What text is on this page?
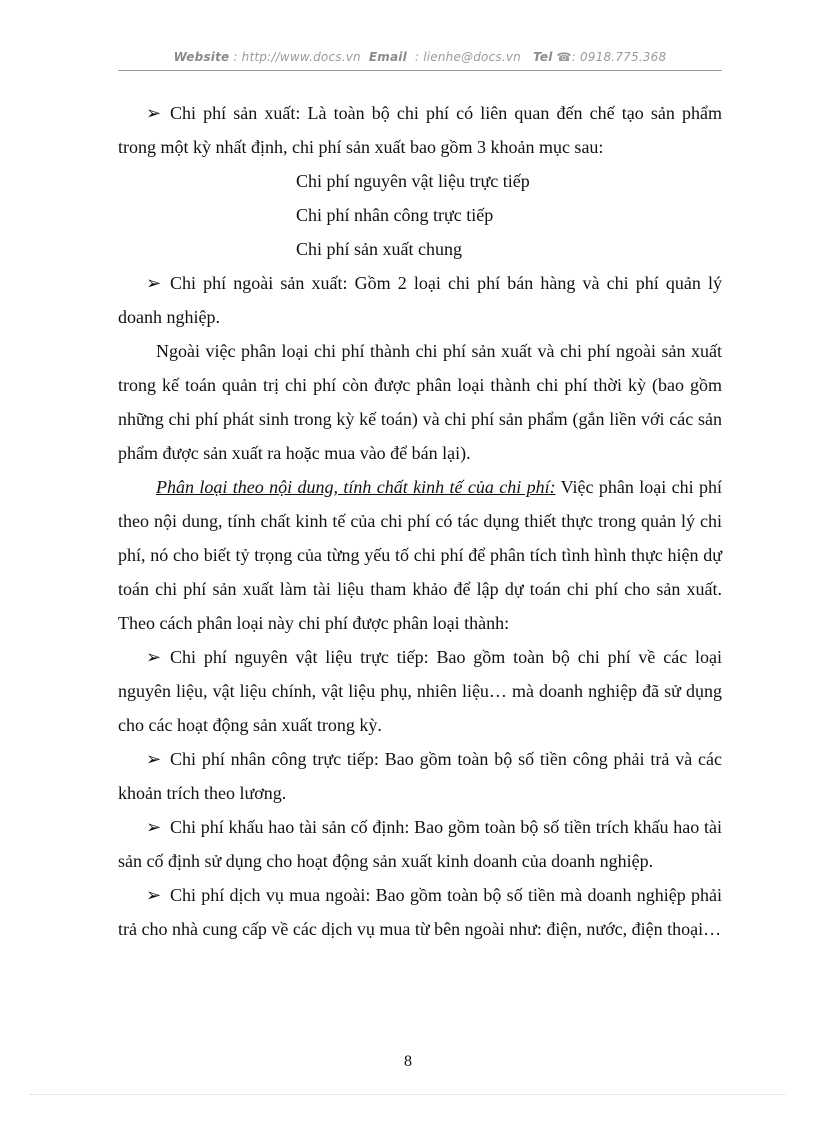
Website : http://www.docs.vn Email : lienhe@docs.vn Tel ☎: 0918.775.368

➢ Chi phí sản xuất: Là toàn bộ chi phí có liên quan đến chế tạo sản phẩm trong một kỳ nhất định, chi phí sản xuất bao gồm 3 khoản mục sau:

Chi phí nguyên vật liệu trực tiếp

Chi phí nhân công trực tiếp

Chi phí sản xuất chung

➢ Chi phí ngoài sản xuất: Gồm 2 loại chi phí bán hàng và chi phí quản lý doanh nghiệp.

Ngoài việc phân loại chi phí thành chi phí sản xuất và chi phí ngoài sản xuất trong kế toán quản trị chi phí còn được phân loại thành chi phí thời kỳ (bao gồm những chi phí phát sinh trong kỳ kế toán) và chi phí sản phẩm (gắn liền với các sản phẩm được sản xuất ra hoặc mua vào để bán lại).

Phân loại theo nội dung, tính chất kinh tế của chi phí: Việc phân loại chi phí theo nội dung, tính chất kinh tế của chi phí có tác dụng thiết thực trong quản lý chi phí, nó cho biết tỷ trọng của từng yếu tố chi phí để phân tích tình hình thực hiện dự toán chi phí sản xuất làm tài liệu tham khảo để lập dự toán chi phí cho sản xuất. Theo cách phân loại này chi phí được phân loại thành:

➢ Chi phí nguyên vật liệu trực tiếp: Bao gồm toàn bộ chi phí về các loại nguyên liệu, vật liệu chính, vật liệu phụ, nhiên liệu… mà doanh nghiệp đã sử dụng cho các hoạt động sản xuất trong kỳ.

➢ Chi phí nhân công trực tiếp: Bao gồm toàn bộ số tiền công phải trả và các khoản trích theo lương.

➢ Chi phí khấu hao tài sản cố định: Bao gồm toàn bộ số tiền trích khấu hao tài sản cố định sử dụng cho hoạt động sản xuất kinh doanh của doanh nghiệp.

➢ Chi phí dịch vụ mua ngoài: Bao gồm toàn bộ số tiền mà doanh nghiệp phải trả cho nhà cung cấp về các dịch vụ mua từ bên ngoài như: điện, nước, điện thoại…

8
